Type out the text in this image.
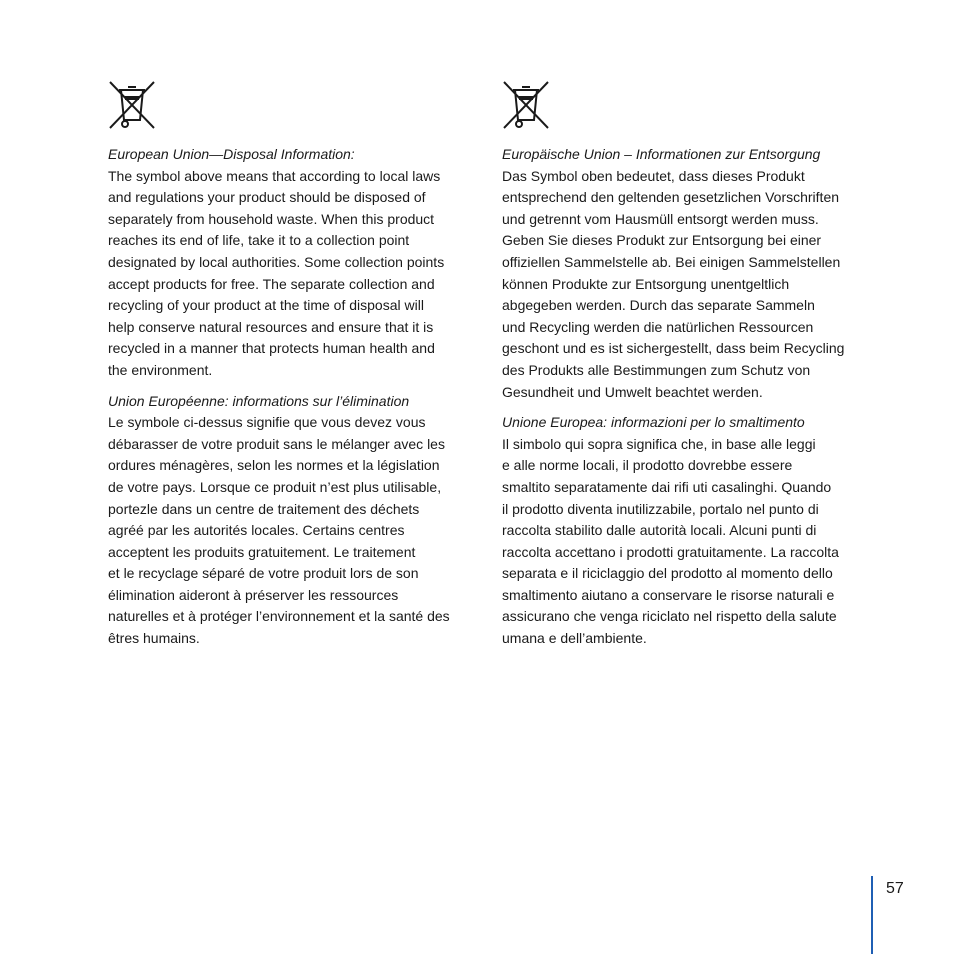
European Union—Disposal Information:

The symbol above means that according to local laws
and regulations your product should be disposed of
separately from household waste. When this product
reaches its end of life, take it to a collection point
designated by local authorities. Some collection points
accept products for free. The separate collection and
recycling of your product at the time of disposal will
help conserve natural resources and ensure that it is
recycled in a manner that protects human health and
the environment.

Union Européenne: informations sur l’élimination

Le symbole ci-dessus signifie que vous devez vous
débarasser de votre produit sans le mélanger avec les
ordures ménagères, selon les normes et la législation
de votre pays. Lorsque ce produit n’est plus utilisable,
portezle dans un centre de traitement des déchets
agréé par les autorités locales. Certains centres
acceptent les produits gratuitement. Le traitement
et le recyclage séparé de votre produit lors de son
élimination aideront à préserver les ressources
naturelles et à protéger l’environnement et la santé des
êtres humains.

Europäische Union – Informationen zur Entsorgung

Das Symbol oben bedeutet, dass dieses Produkt
entsprechend den geltenden gesetzlichen Vorschriften
und getrennt vom Hausmüll entsorgt werden muss.
Geben Sie dieses Produkt zur Entsorgung bei einer
offiziellen Sammelstelle ab. Bei einigen Sammelstellen
können Produkte zur Entsorgung unentgeltlich
abgegeben werden. Durch das separate Sammeln
und Recycling werden die natürlichen Ressourcen
geschont und es ist sichergestellt, dass beim Recycling
des Produkts alle Bestimmungen zum Schutz von
Gesundheit und Umwelt beachtet werden.

Unione Europea: informazioni per lo smaltimento

Il simbolo qui sopra significa che, in base alle leggi
e alle norme locali, il prodotto dovrebbe essere
smaltito separatamente dai rifi uti casalinghi. Quando
il prodotto diventa inutilizzabile, portalo nel punto di
raccolta stabilito dalle autorità locali. Alcuni punti di
raccolta accettano i prodotti gratuitamente. La raccolta
separata e il riciclaggio del prodotto al momento dello
smaltimento aiutano a conservare le risorse naturali e
assicurano che venga riciclato nel rispetto della salute
umana e dell’ambiente.

57
